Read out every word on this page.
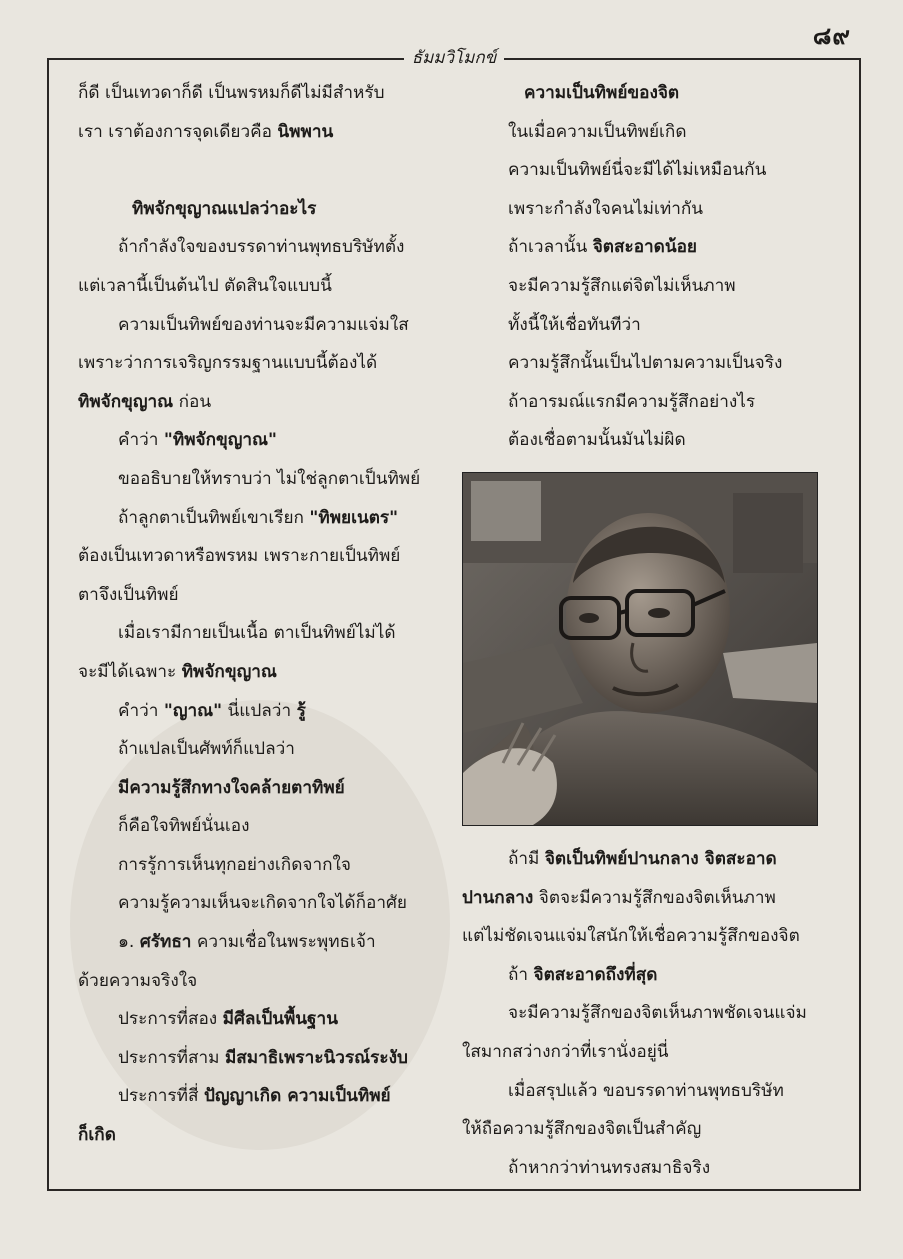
๘๙
ธัมมวิโมกข์
ก็ดี เป็นเทวดาก็ดี เป็นพรหมก็ดีไม่มีสำหรับ
เรา เราต้องการจุดเดียวคือ นิพพาน
ทิพจักขุญาณแปลว่าอะไร
ถ้ากำลังใจของบรรดาท่านพุทธบริษัทตั้ง
แต่เวลานี้เป็นต้นไป ตัดสินใจแบบนี้
ความเป็นทิพย์ของท่านจะมีความแจ่มใส
เพราะว่าการเจริญกรรมฐานแบบนี้ต้องได้
ทิพจักขุญาณ ก่อน
คำว่า "ทิพจักขุญาณ"
ขออธิบายให้ทราบว่า ไม่ใช่ลูกตาเป็นทิพย์
ถ้าลูกตาเป็นทิพย์เขาเรียก "ทิพยเนตร"
ต้องเป็นเทวดาหรือพรหม เพราะกายเป็นทิพย์
ตาจึงเป็นทิพย์
เมื่อเรามีกายเป็นเนื้อ ตาเป็นทิพย์ไม่ได้
จะมีได้เฉพาะ ทิพจักขุญาณ
คำว่า "ญาณ" นี่แปลว่า รู้
ถ้าแปลเป็นศัพท์ก็แปลว่า
มีความรู้สึกทางใจคล้ายตาทิพย์
ก็คือใจทิพย์นั่นเอง
การรู้การเห็นทุกอย่างเกิดจากใจ
ความรู้ความเห็นจะเกิดจากใจได้ก็อาศัย
๑. ศรัทธา ความเชื่อในพระพุทธเจ้า
ด้วยความจริงใจ
ประการที่สอง มีศีลเป็นพื้นฐาน
ประการที่สาม มีสมาธิเพราะนิวรณ์ระงับ
ประการที่สี่ ปัญญาเกิด ความเป็นทิพย์
ก็เกิด
ความเป็นทิพย์ของจิต
ในเมื่อความเป็นทิพย์เกิด
ความเป็นทิพย์นี่จะมีได้ไม่เหมือนกัน
เพราะกำลังใจคนไม่เท่ากัน
ถ้าเวลานั้น จิตสะอาดน้อย
จะมีความรู้สึกแต่จิตไม่เห็นภาพ
ทั้งนี้ให้เชื่อทันทีว่า
ความรู้สึกนั้นเป็นไปตามความเป็นจริง
ถ้าอารมณ์แรกมีความรู้สึกอย่างไร
ต้องเชื่อตามนั้นมันไม่ผิด
ถ้ามี จิตเป็นทิพย์ปานกลาง จิตสะอาด
ปานกลาง จิตจะมีความรู้สึกของจิตเห็นภาพ
แต่ไม่ชัดเจนแจ่มใสนักให้เชื่อความรู้สึกของจิต
ถ้า จิตสะอาดถึงที่สุด
จะมีความรู้สึกของจิตเห็นภาพชัดเจนแจ่ม
ใสมากสว่างกว่าที่เรานั่งอยู่นี่
เมื่อสรุปแล้ว ขอบรรดาท่านพุทธบริษัท
ให้ถือความรู้สึกของจิตเป็นสำคัญ
ถ้าหากว่าท่านทรงสมาธิจริง
